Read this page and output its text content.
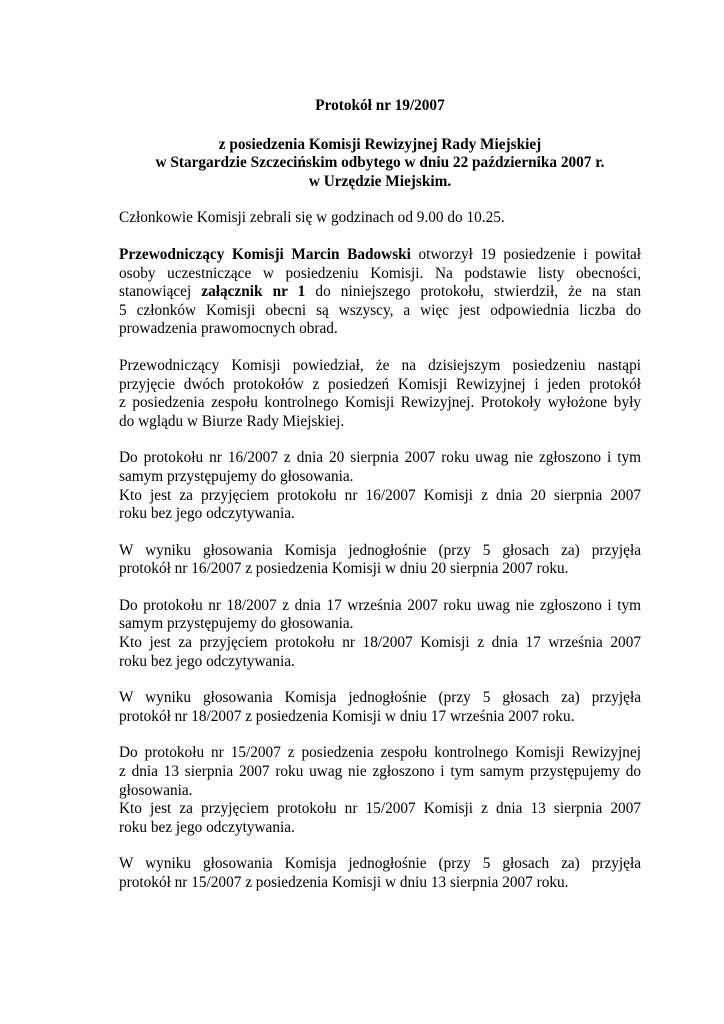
Protokół nr 19/2007

z posiedzenia Komisji Rewizyjnej Rady Miejskiej

w Stargardzie Szczecińskim odbytego w dniu 22 października 2007 r.

w Urzędzie Miejskim.

Członkowie Komisji zebrali się w godzinach od 9.00 do 10.25.

Przewodniczący Komisji Marcin Badowski otworzył 19 posiedzenie i powitał
osoby uczestniczące w posiedzeniu Komisji. Na podstawie listy obecności,
stanowiącej załącznik nr 1 do niniejszego protokołu, stwierdził, że na stan
5 członków Komisji obecni są wszyscy, a więc jest odpowiednia liczba do
prowadzenia prawomocnych obrad.
Przewodniczący Komisji powiedział, że na dzisiejszym posiedzeniu nastąpi
przyjęcie dwóch protokołów z posiedzeń Komisji Rewizyjnej i jeden protokół
z posiedzenia zespołu kontrolnego Komisji Rewizyjnej. Protokoły wyłożone były
do wglądu w Biurze Rady Miejskiej.
Do protokołu nr 16/2007 z dnia 20 sierpnia 2007 roku uwag nie zgłoszono i tym
samym przystępujemy do głosowania.
Kto jest za przyjęciem protokołu nr 16/2007 Komisji z dnia 20 sierpnia 2007
roku bez jego odczytywania.
W wyniku głosowania Komisja jednogłośnie (przy 5 głosach za) przyjęła
protokół nr 16/2007 z posiedzenia Komisji w dniu 20 sierpnia 2007 roku.
Do protokołu nr 18/2007 z dnia 17 września 2007 roku uwag nie zgłoszono i tym
samym przystępujemy do głosowania.
Kto jest za przyjęciem protokołu nr 18/2007 Komisji z dnia 17 września 2007
roku bez jego odczytywania.
W wyniku głosowania Komisja jednogłośnie (przy 5 głosach za) przyjęła
protokół nr 18/2007 z posiedzenia Komisji w dniu 17 września 2007 roku.
Do protokołu nr 15/2007 z posiedzenia zespołu kontrolnego Komisji Rewizyjnej
z dnia 13 sierpnia 2007 roku uwag nie zgłoszono i tym samym przystępujemy do
głosowania.
Kto jest za przyjęciem protokołu nr 15/2007 Komisji z dnia 13 sierpnia 2007
roku bez jego odczytywania.
W wyniku głosowania Komisja jednogłośnie (przy 5 głosach za) przyjęła
protokół nr 15/2007 z posiedzenia Komisji w dniu 13 sierpnia 2007 roku.
